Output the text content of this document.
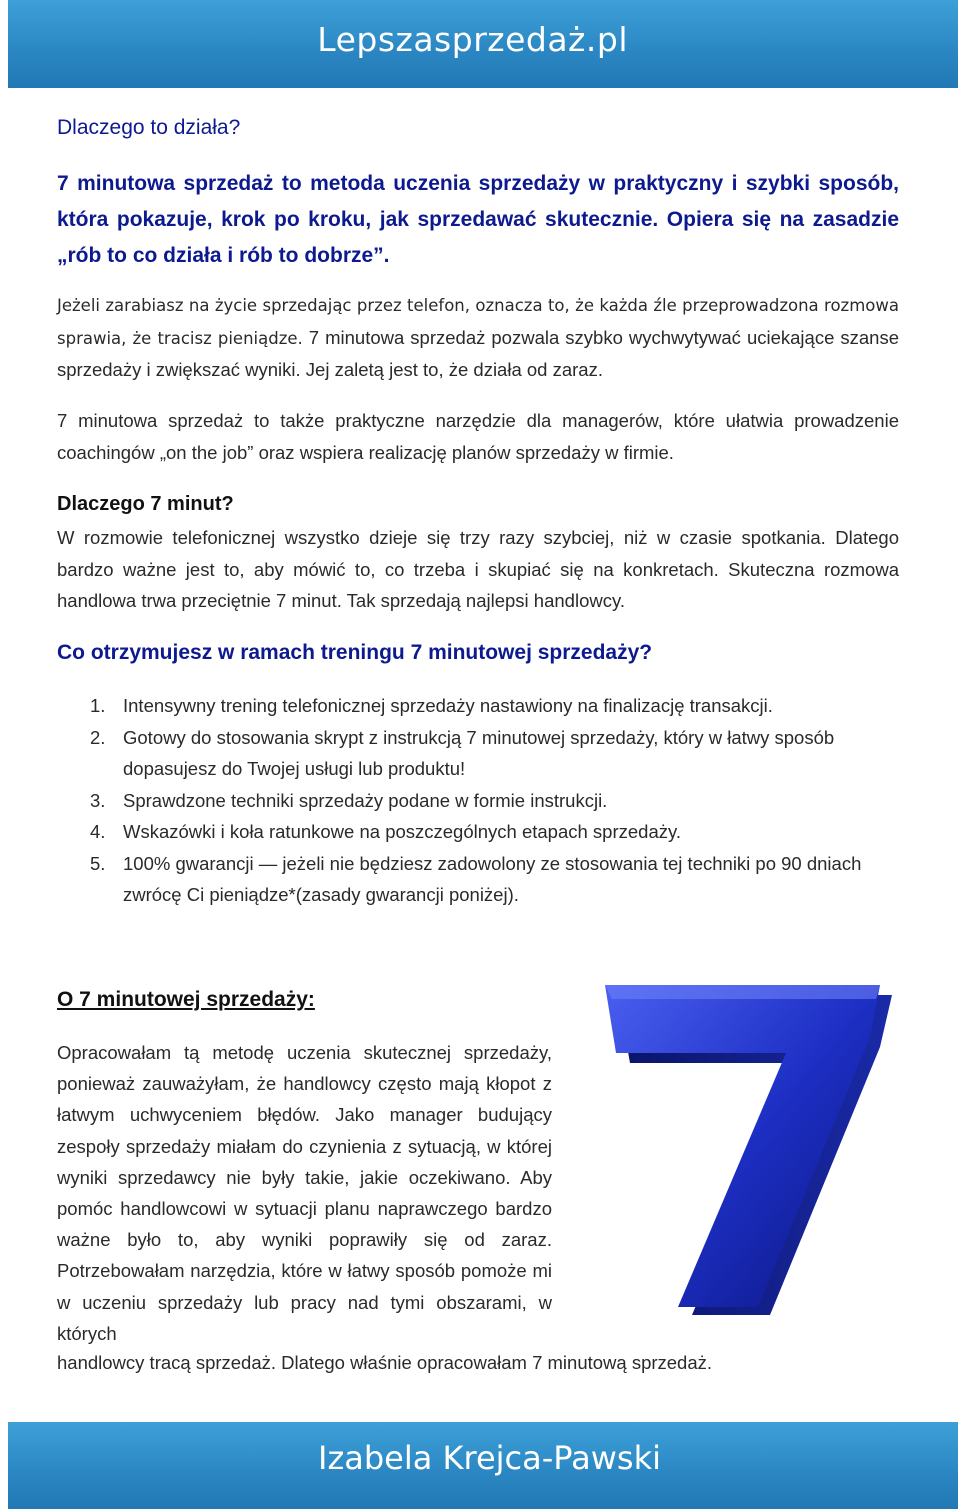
Lepszasprzedaż.pl
Dlaczego to działa?
7 minutowa sprzedaż to metoda uczenia sprzedaży w praktyczny i szybki sposób, która pokazuje, krok po kroku, jak sprzedawać skutecznie. Opiera się na zasadzie „rób to co działa i rób to dobrze”.
Jeżeli zarabiasz na życie sprzedając przez telefon, oznacza to, że każda źle przeprowadzona rozmowa sprawia, że tracisz pieniądze. 7 minutowa sprzedaż pozwala szybko wychwytywać uciekające szanse sprzedaży i zwiększać wyniki. Jej zaletą jest to, że działa od zaraz.
7 minutowa sprzedaż to także praktyczne narzędzie dla managerów, które ułatwia prowadzenie coachingów „on the job” oraz wspiera realizację planów sprzedaży w firmie.
Dlaczego 7 minut?
W rozmowie telefonicznej wszystko dzieje się trzy razy szybciej, niż w czasie spotkania. Dlatego bardzo ważne jest to, aby mówić to, co trzeba i skupiać się na konkretach. Skuteczna rozmowa handlowa trwa przeciętnie 7 minut. Tak sprzedają najlepsi handlowcy.
Co otrzymujesz w ramach treningu 7 minutowej sprzedaży?
1. Intensywny trening telefonicznej sprzedaży nastawiony na finalizację transakcji.
2. Gotowy do stosowania skrypt z instrukcją 7 minutowej sprzedaży, który w łatwy sposób dopasujesz do Twojej usługi lub produktu!
3. Sprawdzone techniki sprzedaży podane w formie instrukcji.
4. Wskazówki i koła ratunkowe na poszczególnych etapach sprzedaży.
5. 100% gwarancji — jeżeli nie będziesz zadowolony ze stosowania tej techniki po 90 dniach zwrócę Ci pieniądze*(zasady gwarancji poniżej).
O 7 minutowej sprzedaży:
Opracowałam tą metodę uczenia skutecznej sprzedaży, ponieważ zauważyłam, że handlowcy często mają kłopot z łatwym uchwyceniem błędów. Jako manager budujący zespoły sprzedaży miałam do czynienia z sytuacją, w której wyniki sprzedawcy nie były takie, jakie oczekiwano. Aby pomóc handlowcowi w sytuacji planu naprawczego bardzo ważne było to, aby wyniki poprawiły się od zaraz. Potrzebowałam narzędzia, które w łatwy sposób pomoże mi w uczeniu sprzedaży lub pracy nad tymi obszarami, w których
handlowcy tracą sprzedaż. Dlatego właśnie opracowałam 7 minutową sprzedaż.
Izabela Krejca-Pawski
